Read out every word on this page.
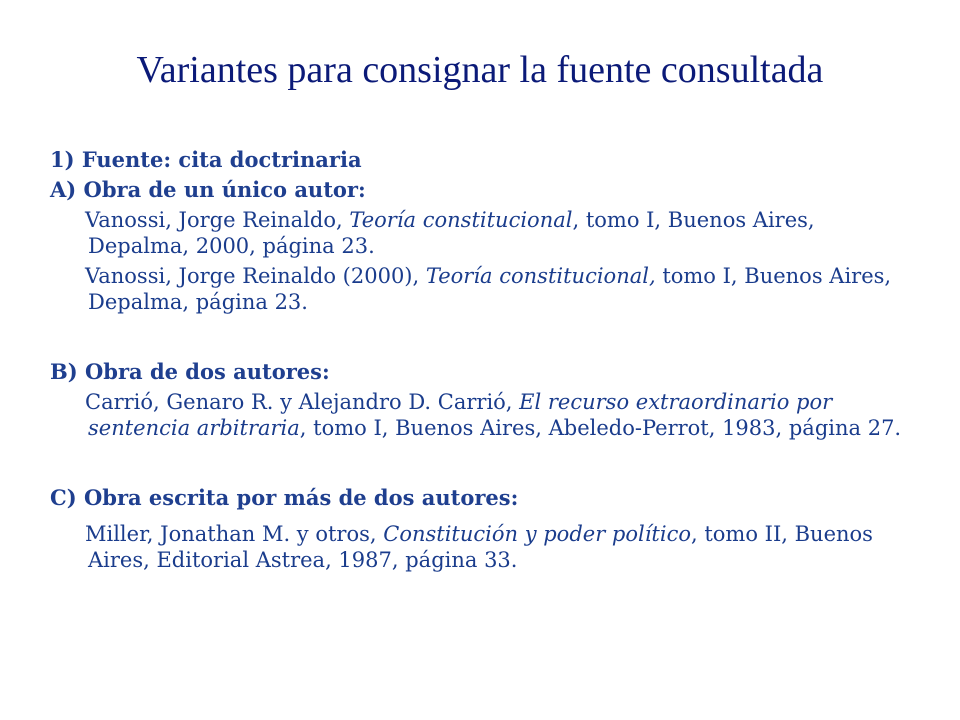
Variantes para consignar la fuente consultada

1) Fuente: cita doctrinaria

A) Obra de un único autor:

Vanossi, Jorge Reinaldo, Teoría constitucional, tomo I, Buenos Aires, Depalma, 2000, página 23.

Vanossi, Jorge Reinaldo (2000), Teoría constitucional, tomo I, Buenos Aires, Depalma, página 23.

B) Obra de dos autores:

Carrió, Genaro R. y Alejandro D. Carrió, El recurso extraordinario por sentencia arbitraria, tomo I, Buenos Aires, Abeledo-Perrot, 1983, página 27.

C) Obra escrita por más de dos autores:

Miller, Jonathan M. y otros, Constitución y poder político, tomo II, Buenos Aires, Editorial Astrea, 1987, página 33.
